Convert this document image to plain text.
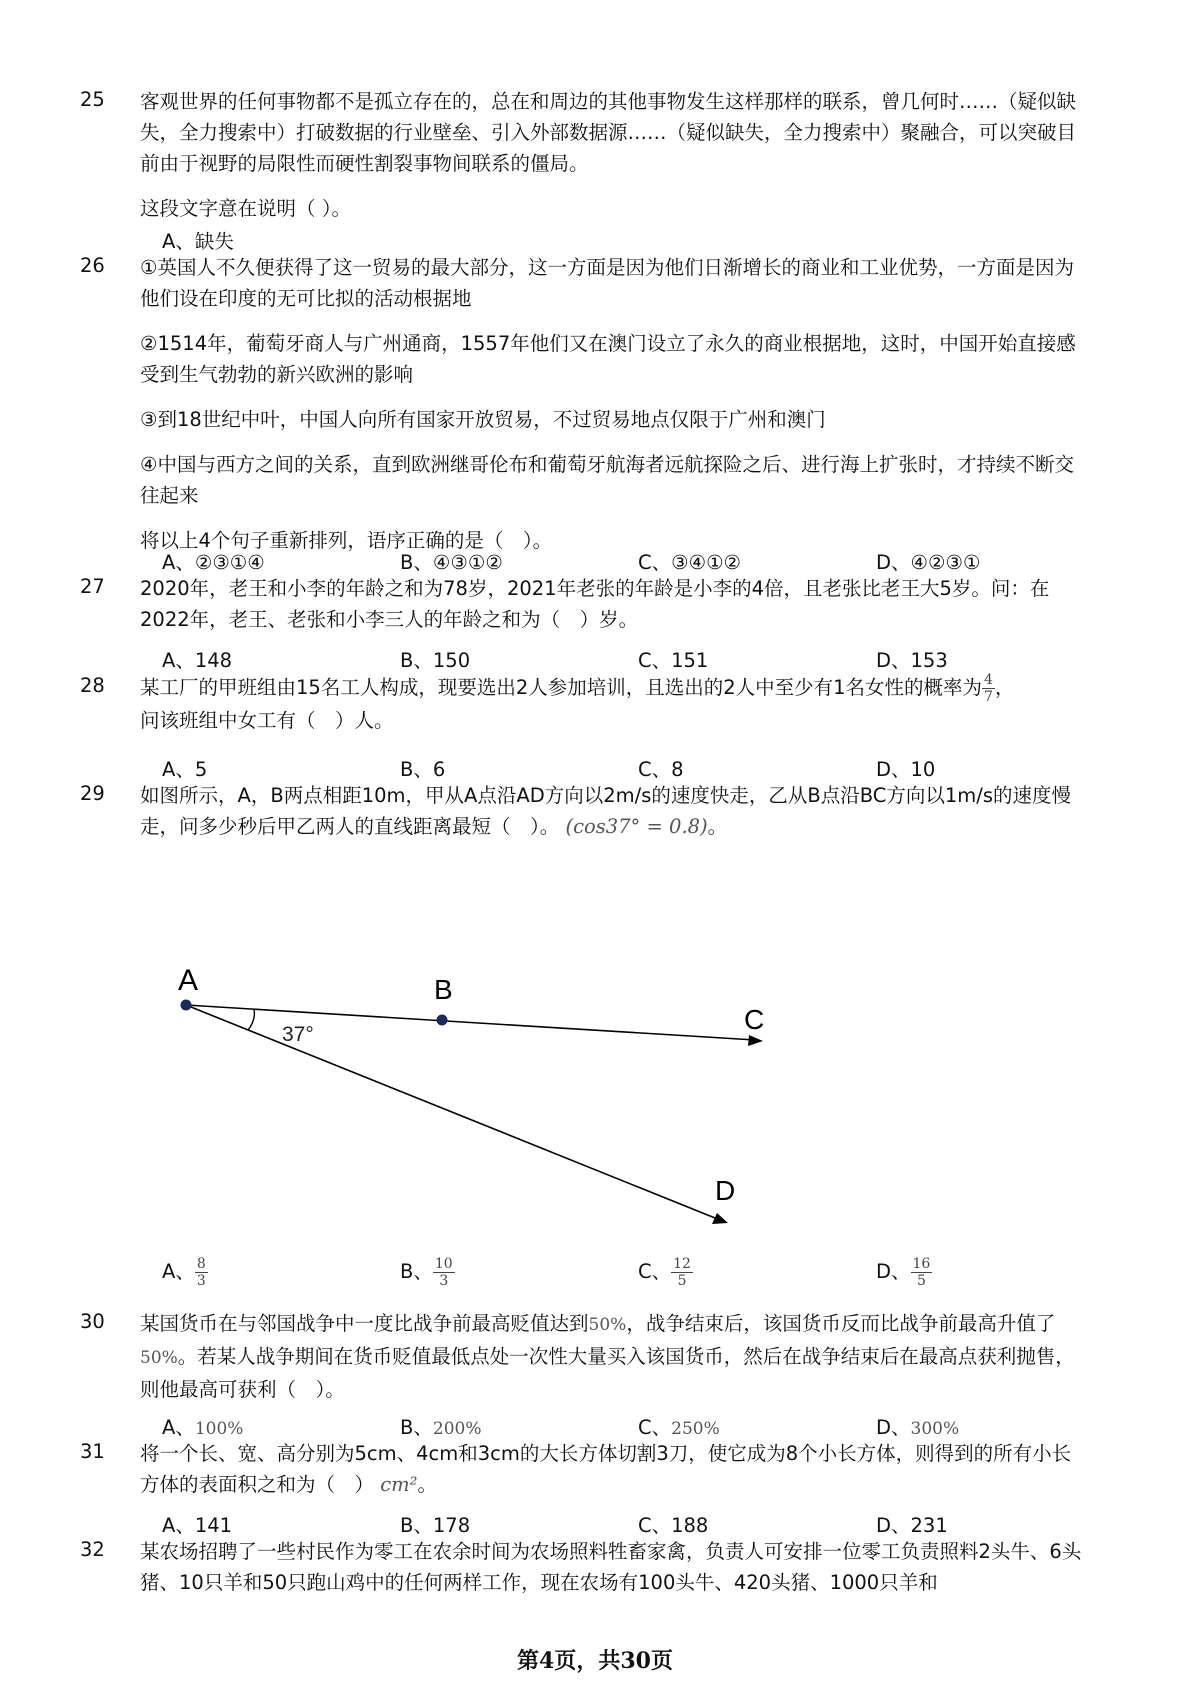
25	客观世界的任何事物都不是孤立存在的，总在和周边的其他事物发生这样那样的联系，曾几何时……（疑似缺失，全力搜索中）打破数据的行业壁垒、引入外部数据源……（疑似缺失，全力搜索中）聚融合，可以突破目前由于视野的局限性而硬性割裂事物间联系的僵局。

这段文字意在说明（ ）。

A、缺失
26	①英国人不久便获得了这一贸易的最大部分，这一方面是因为他们日渐增长的商业和工业优势，一方面是因为他们设在印度的无可比拟的活动根据地

②1514年，葡萄牙商人与广州通商，1557年他们又在澳门设立了永久的商业根据地，这时，中国开始直接感受到生气勃勃的新兴欧洲的影响

③到18世纪中叶，中国人向所有国家开放贸易，不过贸易地点仅限于广州和澳门

④中国与西方之间的关系，直到欧洲继哥伦布和葡萄牙航海者远航探险之后、进行海上扩张时，才持续不断交往起来

将以上4个句子重新排列，语序正确的是（　）。

A、②③①④	B、④③①②	C、③④①②	D、④②③①
27	2020年，老王和小李的年龄之和为78岁，2021年老张的年龄是小李的4倍，且老张比老王大5岁。问：在2022年，老王、老张和小李三人的年龄之和为（　）岁。

A、148	B、150	C、151	D、153
28	某工厂的甲班组由15名工人构成，现要选出2人参加培训，且选出的2人中至少有1名女性的概率为 $\frac{4}{7}$ ，
问该班组中女工有（　）人。

A、5	B、6	C、8	D、10
29	如图所示，A，B两点相距10m，甲从A点沿AD方向以2m/s的速度快走，乙从B点沿BC方向以1m/s的速度慢走，问多少秒后甲乙两人的直线距离最短（　）。 (cos37° = 0.8)。

A	B
C
D
37°
A、 $\frac{8}{3}$	B、 $\frac{10}{3}$	C、 $\frac{12}{5}$	D、 $\frac{16}{5}$
30	某国货币在与邻国战争中一度比战争前最高贬值达到50%，战争结束后，该国货币反而比战争前最高升值了50%。若某人战争期间在货币贬值最低点处一次性大量买入该国货币，然后在战争结束后在最高点获利抛售，则他最高可获利（　）。

A、100%	B、200%	C、250%	D、300%
31	将一个长、宽、高分别为5cm、4cm和3cm的大长方体切割3刀，使它成为8个小长方体，则得到的所有小长方体的表面积之和为（　） cm²。

A、141	B、178	C、188	D、231
32	某农场招聘了一些村民作为零工在农余时间为农场照料牲畜家禽，负责人可安排一位零工负责照料2头牛、6头猪、10只羊和50只跑山鸡中的任何两样工作，现在农场有100头牛、420头猪、1000只羊和

第4页，共30页
